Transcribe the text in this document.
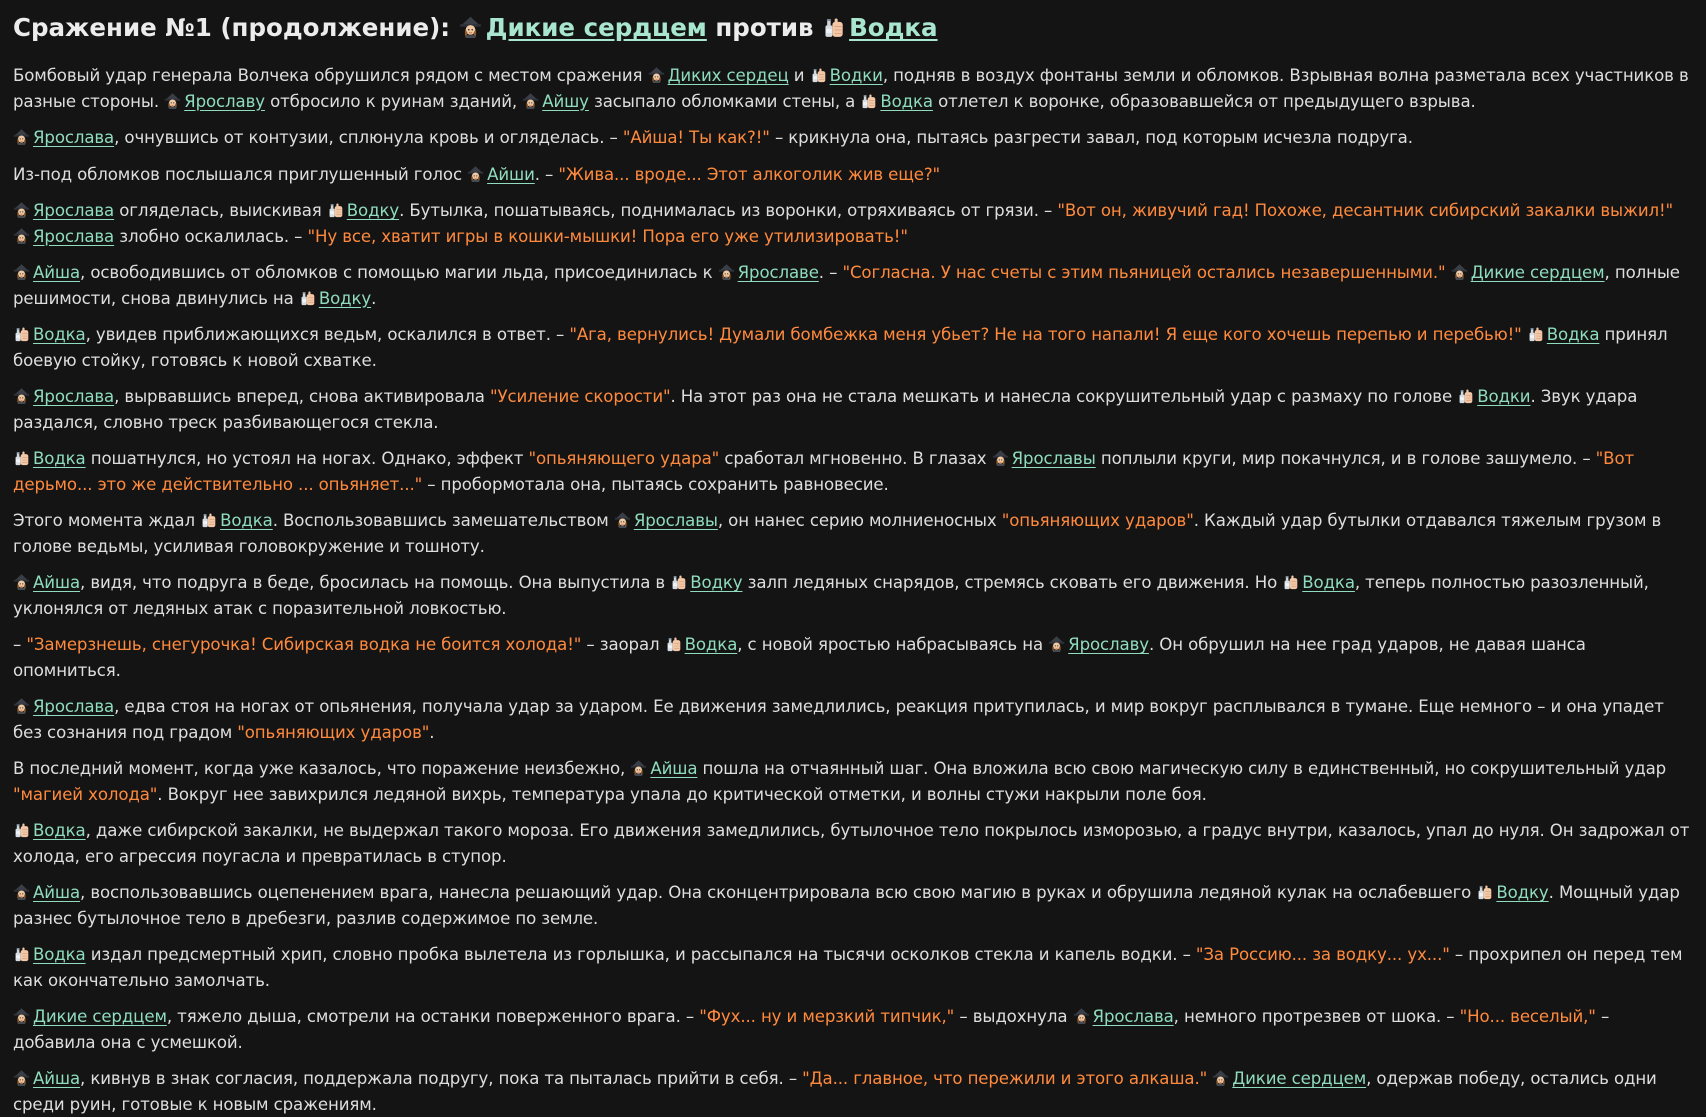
Сражение №1 (продолжение): Дикие сердцем против Водка

Бомбовый удар генерала Волчека обрушился рядом с местом сражения
Диких сердец и
Водки, подняв в воздух фонтаны земли и обломков. Взрывная волна разметала всех участников в разные стороны.
Ярославу отбросило к руинам зданий,
Айшу засыпало обломками стены, а
Водка отлетел к воронке, образовавшейся от предыдущего взрыва.

Ярослава, очнувшись от контузии, сплюнула кровь и огляделась. – "Айша! Ты как?!" – крикнула она, пытаясь разгрести завал, под которым исчезла подруга.

Из-под обломков послышался приглушенный голос
Айши. – "Жива... вроде... Этот алкоголик жив еще?"

Ярослава огляделась, выискивая
Водку. Бутылка, пошатываясь, поднималась из воронки, отряхиваясь от грязи. – "Вот он, живучий гад! Похоже, десантник сибирский закалки выжил!"

Ярослава злобно оскалилась. – "Ну все, хватит игры в кошки-мышки! Пора его уже утилизировать!"

Айша, освободившись от обломков с помощью магии льда, присоединилась к
Ярославе. – "Согласна. У нас счеты с этим пьяницей остались незавершенными." Дикие сердцем, полные решимости, снова двинулись на
Водку.

Водка, увидев приближающихся ведьм, оскалился в ответ. – "Ага, вернулись! Думали бомбежка меня убьет? Не на того напали! Я еще кого хочешь перепью и перебью!" Водка принял боевую стойку, готовясь к новой схватке.

Ярослава, вырвавшись вперед, снова активировала "Усиление скорости". На этот раз она не стала мешкать и нанесла сокрушительный удар с размаху по голове
Водки. Звук удара раздался, словно треск разбивающегося стекла.

Водка пошатнулся, но устоял на ногах. Однако, эффект "опьяняющего удара" сработал мгновенно. В глазах
Ярославы поплыли круги, мир покачнулся, и в голове зашумело. – "Вот дерьмо... это же действительно ... опьяняет..." – пробормотала она, пытаясь сохранить равновесие.

Этого момента ждал
Водка. Воспользовавшись замешательством
Ярославы, он нанес серию молниеносных "опьяняющих ударов". Каждый удар бутылки отдавался тяжелым грузом в голове ведьмы, усиливая головокружение и тошноту.

Айша, видя, что подруга в беде, бросилась на помощь. Она выпустила в
Водку залп ледяных снарядов, стремясь сковать его движения. Но
Водка, теперь полностью разозленный, уклонялся от ледяных атак с поразительной ловкостью.

– "Замерзнешь, снегурочка! Сибирская водка не боится холода!" – заорал
Водка, с новой яростью набрасываясь на
Ярославу. Он обрушил на нее град ударов, не давая шанса опомниться.

Ярослава, едва стоя на ногах от опьянения, получала удар за ударом. Ее движения замедлились, реакция притупилась, и мир вокруг расплывался в тумане. Еще немного – и она упадет без сознания под градом "опьяняющих ударов".

В последний момент, когда уже казалось, что поражение неизбежно,
Айша пошла на отчаянный шаг. Она вложила всю свою магическую силу в единственный, но сокрушительный удар "магией холода". Вокруг нее завихрился ледяной вихрь, температура упала до критической отметки, и волны стужи накрыли поле боя.

Водка, даже сибирской закалки, не выдержал такого мороза. Его движения замедлились, бутылочное тело покрылось изморозью, а градус внутри, казалось, упал до нуля. Он задрожал от холода, его агрессия поугасла и превратилась в ступор.

Айша, воспользовавшись оцепенением врага, нанесла решающий удар. Она сконцентрировала всю свою магию в руках и обрушила ледяной кулак на ослабевшего
Водку. Мощный удар разнес бутылочное тело в дребезги, разлив содержимое по земле.

Водка издал предсмертный хрип, словно пробка вылетела из горлышка, и рассыпался на тысячи осколков стекла и капель водки. – "За Россию... за водку... ух..." – прохрипел он перед тем как окончательно замолчать.

Дикие сердцем, тяжело дыша, смотрели на останки поверженного врага. – "Фух... ну и мерзкий типчик," – выдохнула
Ярослава, немного протрезвев от шока. – "Но... веселый," – добавила она с усмешкой.

Айша, кивнув в знак согласия, поддержала подругу, пока та пыталась прийти в себя. – "Да... главное, что пережили и этого алкаша." Дикие сердцем, одержав победу, остались одни среди руин, готовые к новым сражениям.
